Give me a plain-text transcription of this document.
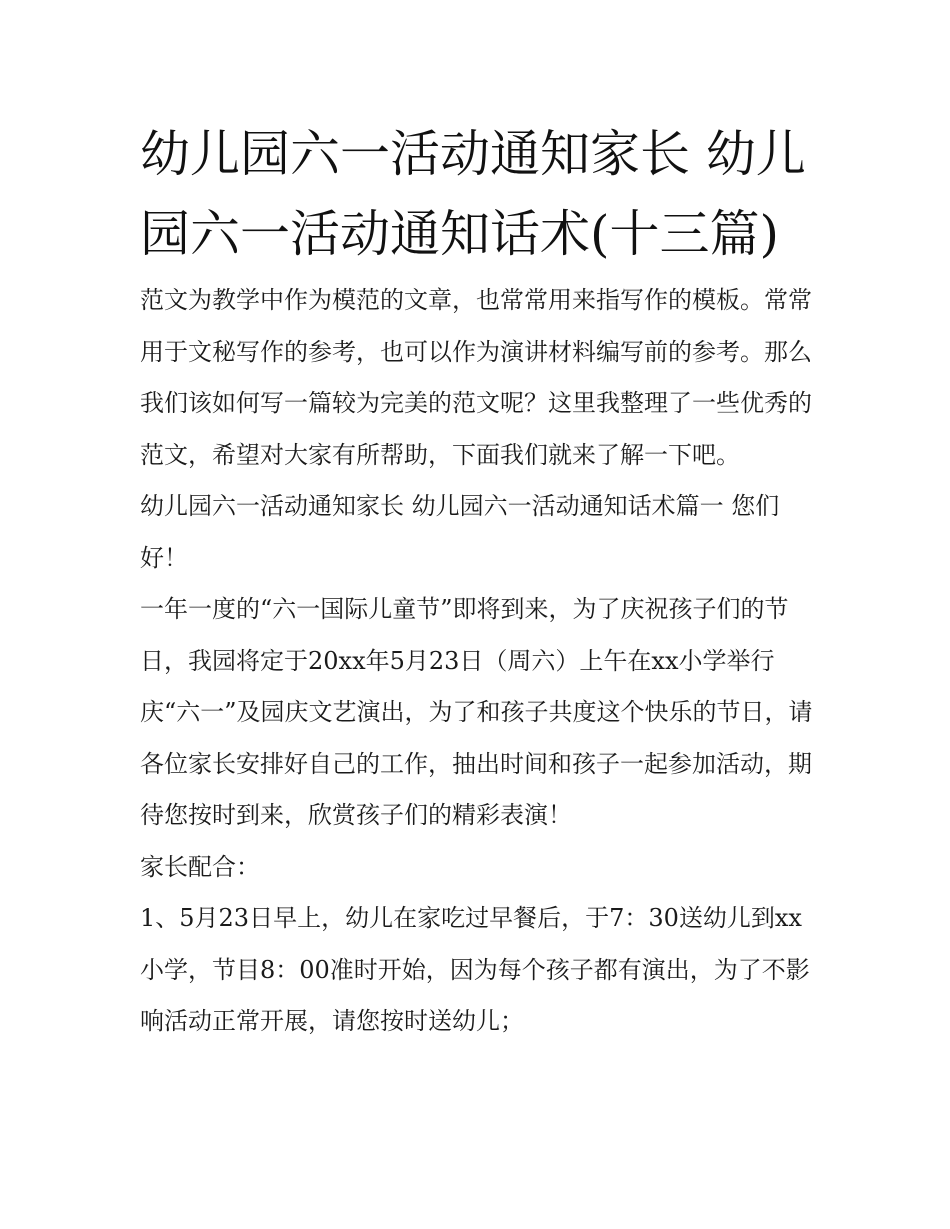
幼儿园六一活动通知家长 幼儿园六一活动通知话术(十三篇)

范文为教学中作为模范的文章，也常常用来指写作的模板。常常用于文秘写作的参考，也可以作为演讲材料编写前的参考。那么我们该如何写一篇较为完美的范文呢？这里我整理了一些优秀的范文，希望对大家有所帮助，下面我们就来了解一下吧。

幼儿园六一活动通知家长 幼儿园六一活动通知话术篇一 您们好！

一年一度的“六一国际儿童节”即将到来，为了庆祝孩子们的节日，我园将定于20xx年5月23日（周六）上午在xx小学举行庆“六一”及园庆文艺演出，为了和孩子共度这个快乐的节日，请各位家长安排好自己的工作，抽出时间和孩子一起参加活动，期待您按时到来，欣赏孩子们的精彩表演！

家长配合：

1、5月23日早上，幼儿在家吃过早餐后，于7：30送幼儿到xx小学，节目8：00准时开始，因为每个孩子都有演出，为了不影响活动正常开展，请您按时送幼儿；
